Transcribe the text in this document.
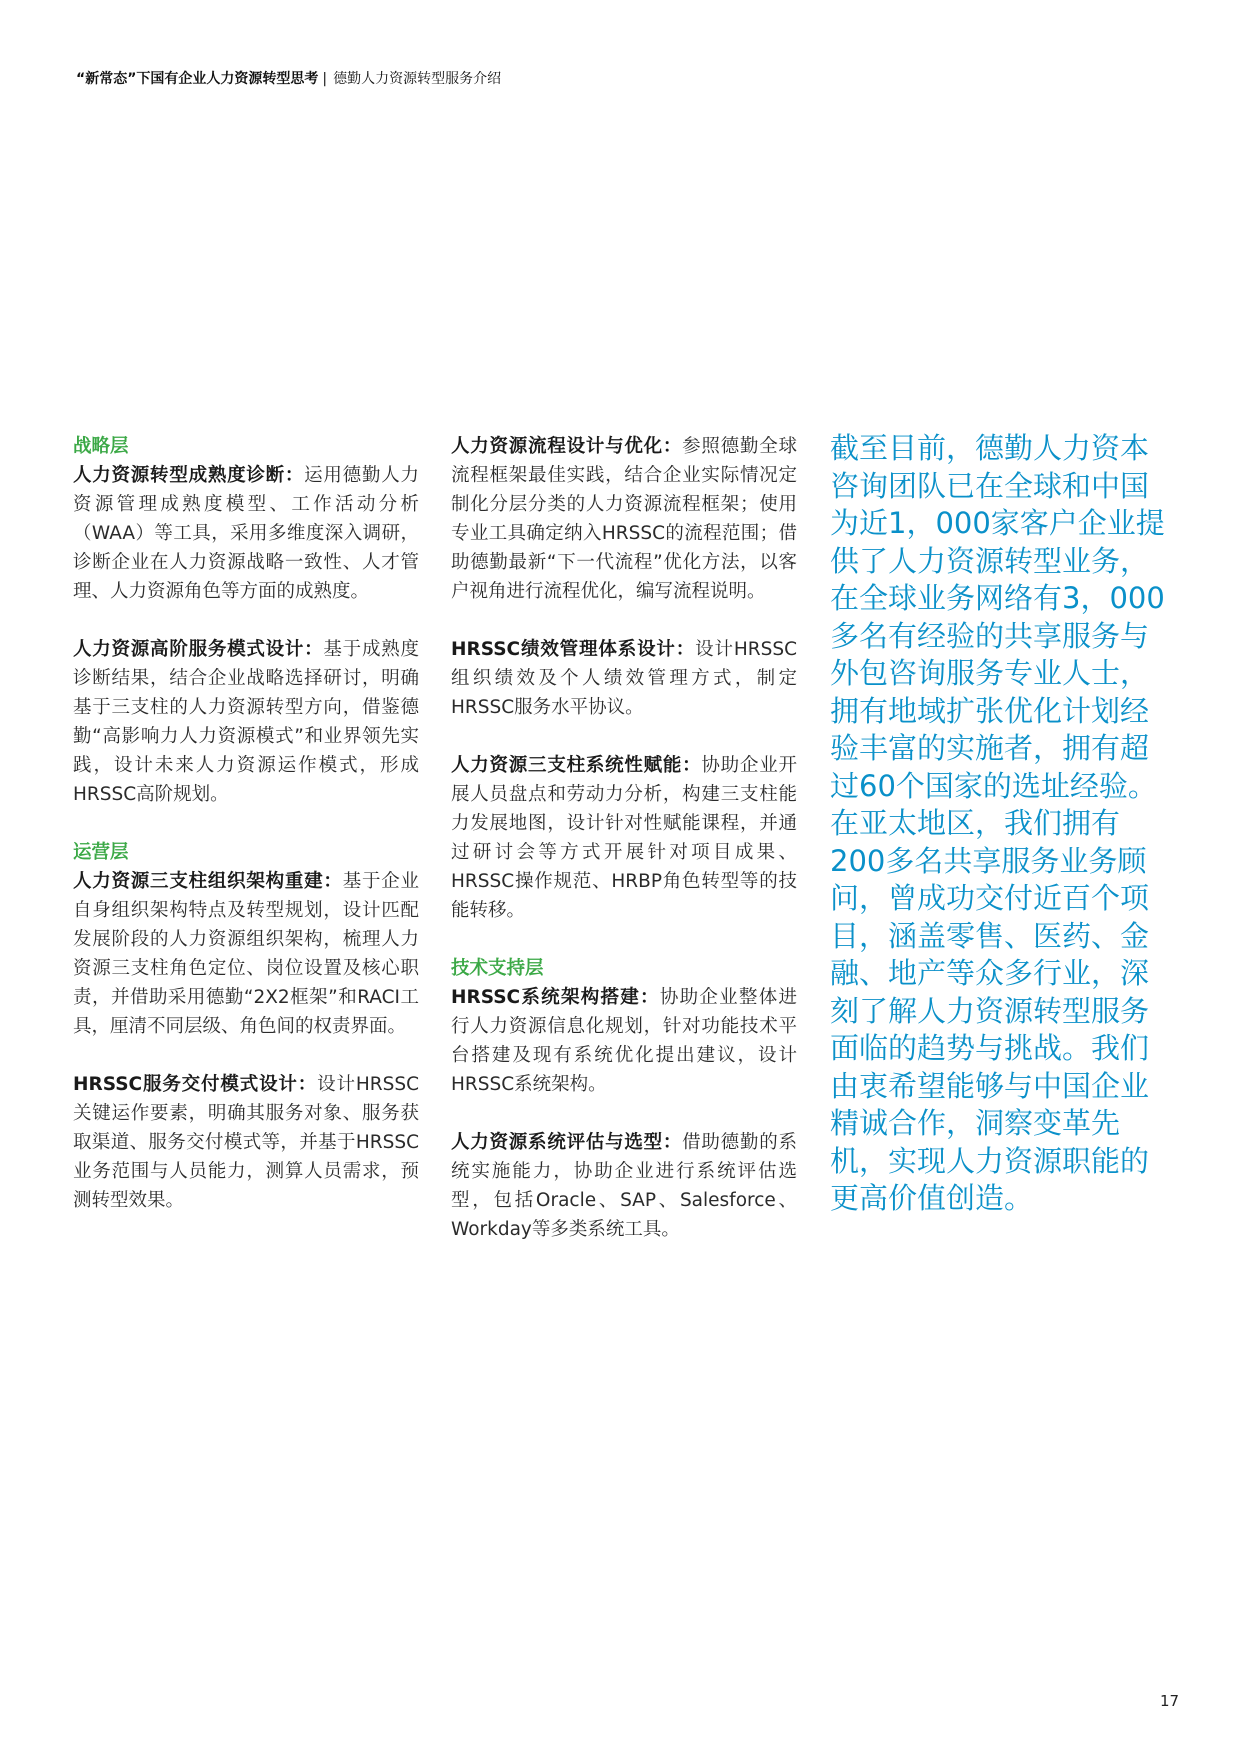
“新常态”下国有企业人力资源转型思考 | 德勤人力资源转型服务介绍

战略层

人力资源转型成熟度诊断：运用德勤人力资源管理成熟度模型、工作活动分析（WAA）等工具，采用多维度深入调研，诊断企业在人力资源战略一致性、人才管理、人力资源角色等方面的成熟度。

人力资源高阶服务模式设计：基于成熟度诊断结果，结合企业战略选择研讨，明确基于三支柱的人力资源转型方向，借鉴德勤“高影响力人力资源模式”和业界领先实践，设计未来人力资源运作模式，形成HRSSC高阶规划。

运营层

人力资源三支柱组织架构重建：基于企业自身组织架构特点及转型规划，设计匹配发展阶段的人力资源组织架构，梳理人力资源三支柱角色定位、岗位设置及核心职责，并借助采用德勤“2X2框架”和RACI工具，厘清不同层级、角色间的权责界面。

HRSSC服务交付模式设计：设计HRSSC关键运作要素，明确其服务对象、服务获取渠道、服务交付模式等，并基于HRSSC业务范围与人员能力，测算人员需求，预测转型效果。

人力资源流程设计与优化：参照德勤全球流程框架最佳实践，结合企业实际情况定制化分层分类的人力资源流程框架；使用专业工具确定纳入HRSSC的流程范围；借助德勤最新“下一代流程”优化方法，以客户视角进行流程优化，编写流程说明。

HRSSC绩效管理体系设计：设计HRSSC组织绩效及个人绩效管理方式，制定HRSSC服务水平协议。

人力资源三支柱系统性赋能：协助企业开展人员盘点和劳动力分析，构建三支柱能力发展地图，设计针对性赋能课程，并通过研讨会等方式开展针对项目成果、HRSSC操作规范、HRBP角色转型等的技能转移。

技术支持层

HRSSC系统架构搭建：协助企业整体进行人力资源信息化规划，针对功能技术平台搭建及现有系统优化提出建议，设计HRSSC系统架构。

人力资源系统评估与选型：借助德勤的系统实施能力，协助企业进行系统评估选型，包括Oracle、SAP、Salesforce、Workday等多类系统工具。

截至目前，德勤人力资本咨询团队已在全球和中国为近1，000家客户企业提供了人力资源转型业务，在全球业务网络有3，000多名有经验的共享服务与外包咨询服务专业人士，拥有地域扩张优化计划经验丰富的实施者，拥有超过60个国家的选址经验。在亚太地区，我们拥有200多名共享服务业务顾问，曾成功交付近百个项目，涵盖零售、医药、金融、地产等众多行业，深刻了解人力资源转型服务面临的趋势与挑战。我们由衷希望能够与中国企业精诚合作，洞察变革先机，实现人力资源职能的更高价值创造。

17
